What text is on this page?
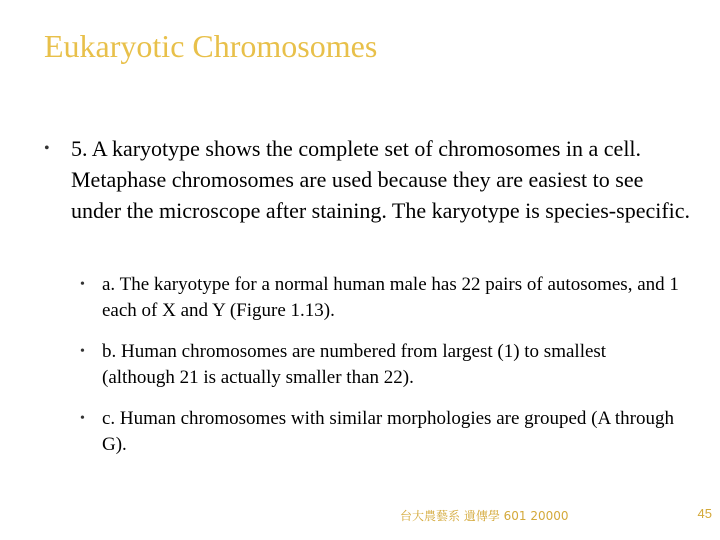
Eukaryotic Chromosomes
• 5. A karyotype shows the complete set of chromosomes in a cell. Metaphase chromosomes are used because they are easiest to see under the microscope after staining. The karyotype is species-specific.
• a. The karyotype for a normal human male has 22 pairs of autosomes, and 1 each of X and Y (Figure 1.13).
• b. Human chromosomes are numbered from largest (1) to smallest (although 21 is actually smaller than 22).
• c. Human chromosomes with similar morphologies are grouped (A through G).
台大農藝系 遺傳學 601 20000	45
